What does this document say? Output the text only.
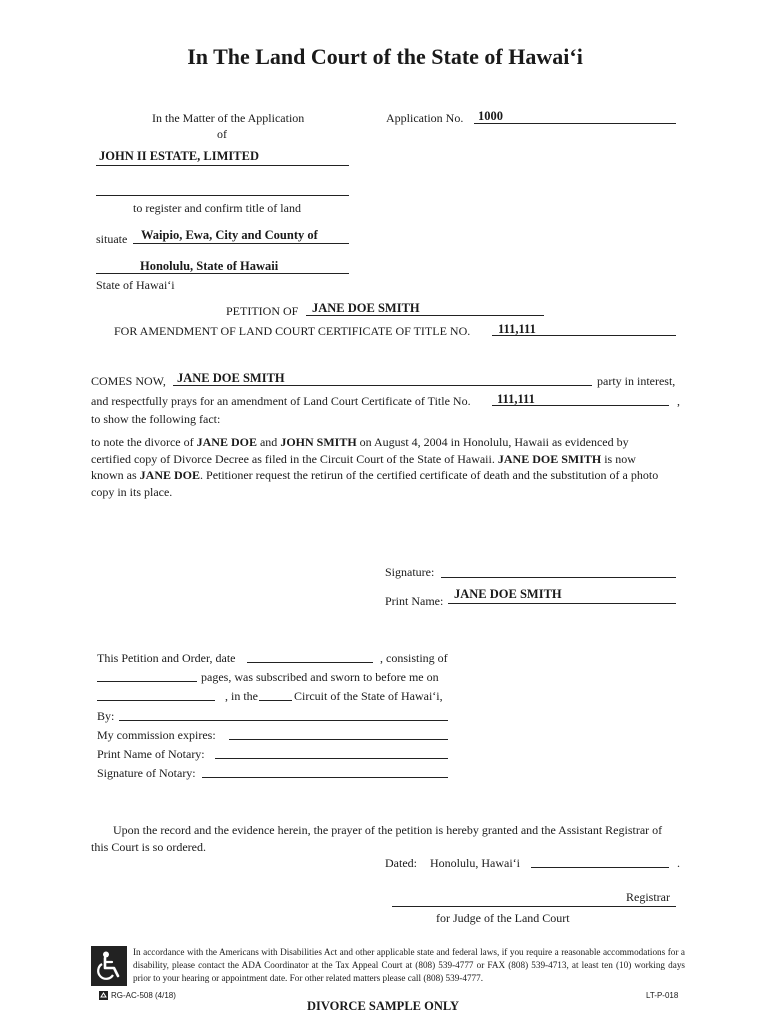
In The Land Court of the State of Hawai‘i
In the Matter of the Application
of
JOHN II ESTATE, LIMITED
to register and confirm title of land
situate Waipio, Ewa, City and County of
Honolulu, State of Hawaii
State of Hawai‘i
Application No. 1000
PETITION OF JANE DOE SMITH
FOR AMENDMENT OF LAND COURT CERTIFICATE OF TITLE NO. 111,111
COMES NOW, JANE DOE SMITH	party in interest,
and respectfully prays for an amendment of Land Court Certificate of Title No. 111,111	,
to show the following fact:
to note the divorce of JANE DOE and JOHN SMITH on August 4, 2004 in Honolulu, Hawaii as evidenced by certified copy of Divorce Decree as filed in the Circuit Court of the State of Hawaii. JANE DOE SMITH is now known as JANE DOE. Petitioner request the retirun of the certified certificate of death and the substitution of a photo copy in its place.
Signature:
Print Name: JANE DOE SMITH
This Petition and Order, date	, consisting of
pages, was subscribed and sworn to before me on
, in the	Circuit of the State of Hawai‘i,
By:
My commission expires:
Print Name of Notary:
Signature of Notary:
Upon the record and the evidence herein, the prayer of the petition is hereby granted and the Assistant Registrar of this Court is so ordered.
Dated: Honolulu, Hawai‘i	.
Registrar
for Judge of the Land Court
In accordance with the Americans with Disabilities Act and other applicable state and federal laws, if you require a reasonable accommodations for a disability, please contact the ADA Coordinator at the Tax Appeal Court at (808) 539-4777 or FAX (808) 539-4713, at least ten (10) working days prior to your hearing or appointment date. For other related matters please call (808) 539-4777.
RG-AC-508 (4/18)
DIVORCE SAMPLE ONLY
LT-P-018
